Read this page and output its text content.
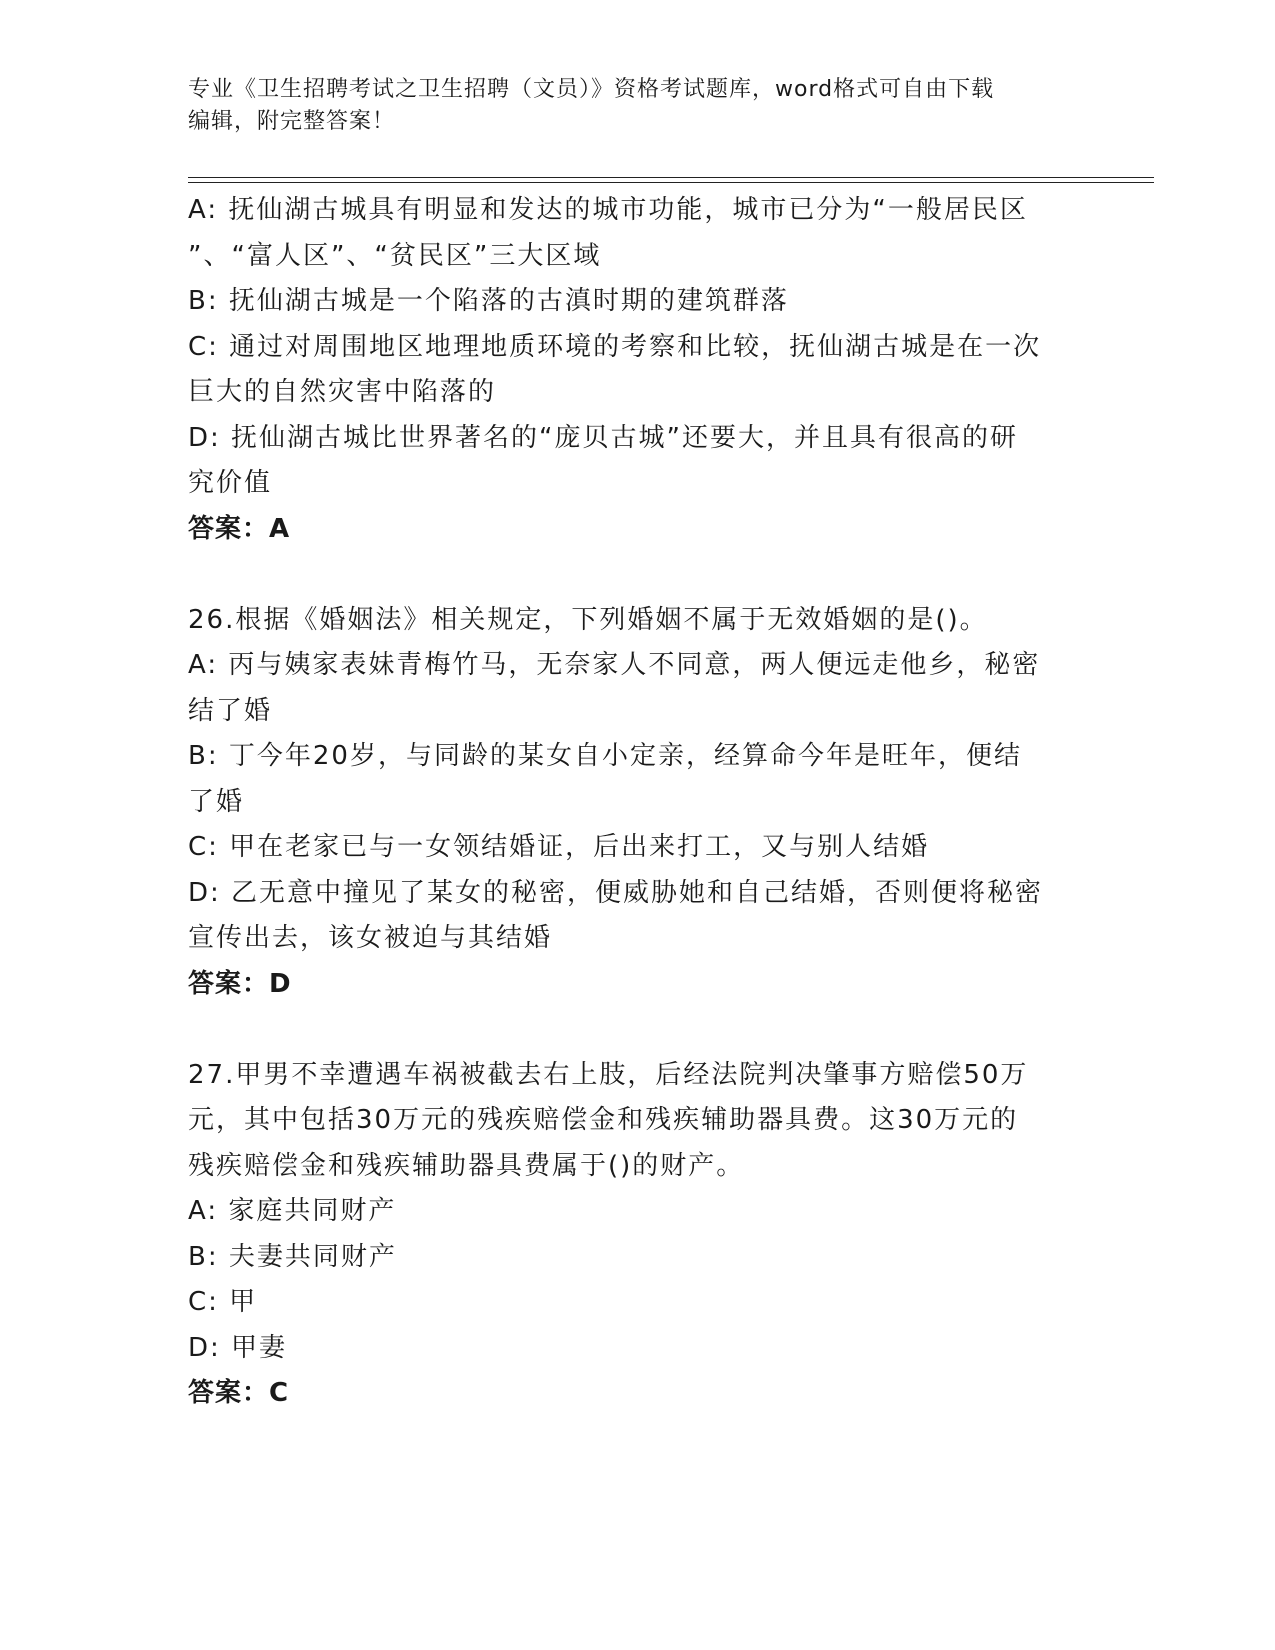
专业《卫生招聘考试之卫生招聘（文员）》资格考试题库，word格式可自由下载
编辑，附完整答案！
A: 抚仙湖古城具有明显和发达的城市功能，城市已分为“一般居民区
”、“富人区”、“贫民区”三大区域
B: 抚仙湖古城是一个陷落的古滇时期的建筑群落
C: 通过对周围地区地理地质环境的考察和比较，抚仙湖古城是在一次
巨大的自然灾害中陷落的
D: 抚仙湖古城比世界著名的“庞贝古城”还要大，并且具有很高的研
究价值
答案：A
26.根据《婚姻法》相关规定，下列婚姻不属于无效婚姻的是()。
A: 丙与姨家表妹青梅竹马，无奈家人不同意，两人便远走他乡，秘密
结了婚
B: 丁今年20岁，与同龄的某女自小定亲，经算命今年是旺年，便结
了婚
C: 甲在老家已与一女领结婚证，后出来打工，又与别人结婚
D: 乙无意中撞见了某女的秘密，便威胁她和自己结婚，否则便将秘密
宣传出去，该女被迫与其结婚
答案：D
27.甲男不幸遭遇车祸被截去右上肢，后经法院判决肇事方赔偿50万
元，其中包括30万元的残疾赔偿金和残疾辅助器具费。这30万元的
残疾赔偿金和残疾辅助器具费属于()的财产。
A: 家庭共同财产
B: 夫妻共同财产
C: 甲
D: 甲妻
答案：C
